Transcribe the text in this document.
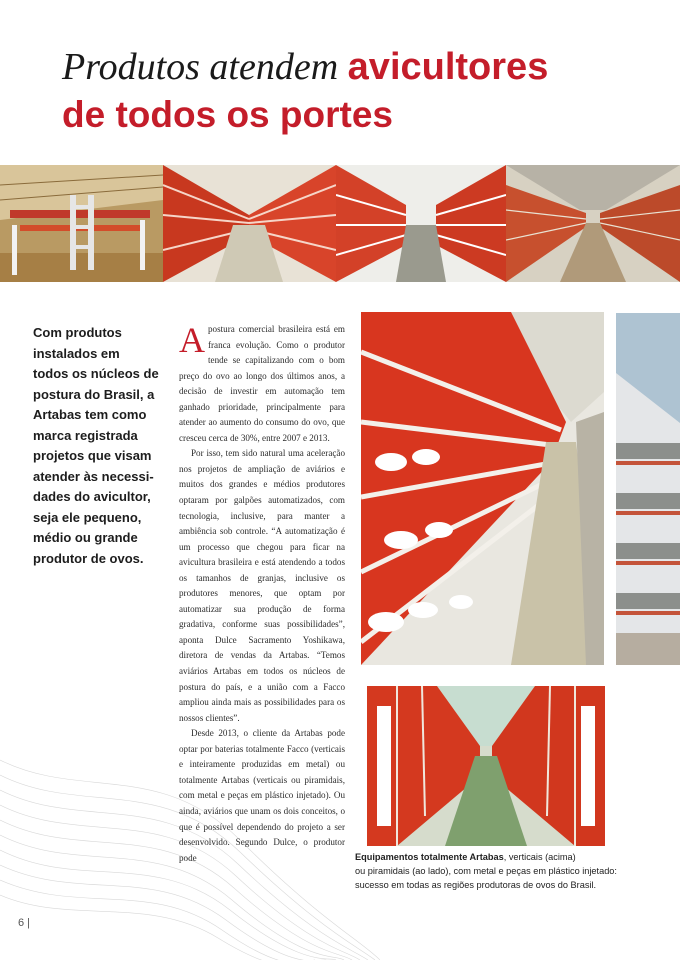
Produtos atendem avicultores
de todos os portes

Com produtos

instalados em

todos os núcleos de

postura do Brasil, a

Artabas tem como

marca registrada

projetos que visam

atender às necessi-

dades do avicultor,

seja ele pequeno,

médio ou grande

produtor de ovos.

Apostura comercial brasileira está em franca evolução. Como o produtor tende se capitalizando com o bom preço do ovo ao longo dos últimos anos, a decisão de investir em automação tem ganhado prioridade, principalmente para atender ao aumento do consumo do ovo, que cresceu cerca de 30%, entre 2007 e 2013.

Por isso, tem sido natural uma aceleração nos projetos de ampliação de aviários e muitos dos grandes e médios produtores optaram por galpões automatizados, com tecnologia, inclusive, para manter a ambiência sob controle. “A automatização é um processo que chegou para ficar na avicultura brasileira e está atendendo a todos os tamanhos de granjas, inclusive os produtores menores, que optam por automatizar sua produção de forma gradativa, conforme suas possibilidades”, aponta Dulce Sacramento Yoshikawa, diretora de vendas da Artabas. “Temos aviários Artabas em todos os núcleos de postura do país, e a união com a Facco ampliou ainda mais as possibilidades para os nossos clientes”.

Desde 2013, o cliente da Artabas pode optar por baterias totalmente Facco (verticais e inteiramente produzidas em metal) ou totalmente Artabas (verticais ou piramidais, com metal e peças em plástico injetado). Ou ainda, aviários que unam os dois conceitos, o que é possível dependendo do projeto a ser desenvolvido. Segundo Dulce, o produtor pode	Equipamentos totalmente Artabas, verticais (acima)
ou piramidais (ao lado), com metal e peças em plástico injetado:
sucesso em todas as regiões produtoras de ovos do Brasil.
6 |
